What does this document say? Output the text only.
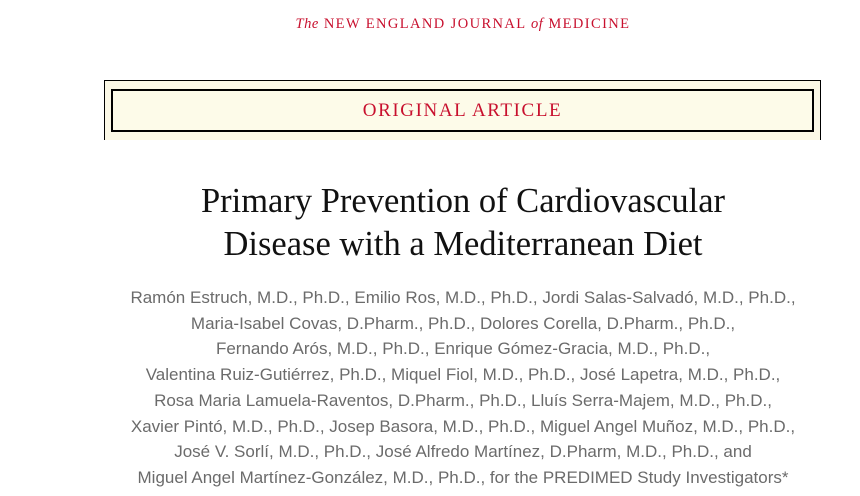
The NEW ENGLAND JOURNAL of MEDICINE
ORIGINAL ARTICLE
Primary Prevention of Cardiovascular
Disease with a Mediterranean Diet
Ramón Estruch, M.D., Ph.D., Emilio Ros, M.D., Ph.D., Jordi Salas-Salvadó, M.D., Ph.D.,
Maria-Isabel Covas, D.Pharm., Ph.D., Dolores Corella, D.Pharm., Ph.D.,
Fernando Arós, M.D., Ph.D., Enrique Gómez-Gracia, M.D., Ph.D.,
Valentina Ruiz-Gutiérrez, Ph.D., Miquel Fiol, M.D., Ph.D., José Lapetra, M.D., Ph.D.,
Rosa Maria Lamuela-Raventos, D.Pharm., Ph.D., Lluís Serra-Majem, M.D., Ph.D.,
Xavier Pintó, M.D., Ph.D., Josep Basora, M.D., Ph.D., Miguel Angel Muñoz, M.D., Ph.D.,
José V. Sorlí, M.D., Ph.D., José Alfredo Martínez, D.Pharm, M.D., Ph.D., and
Miguel Angel Martínez-González, M.D., Ph.D., for the PREDIMED Study Investigators*
